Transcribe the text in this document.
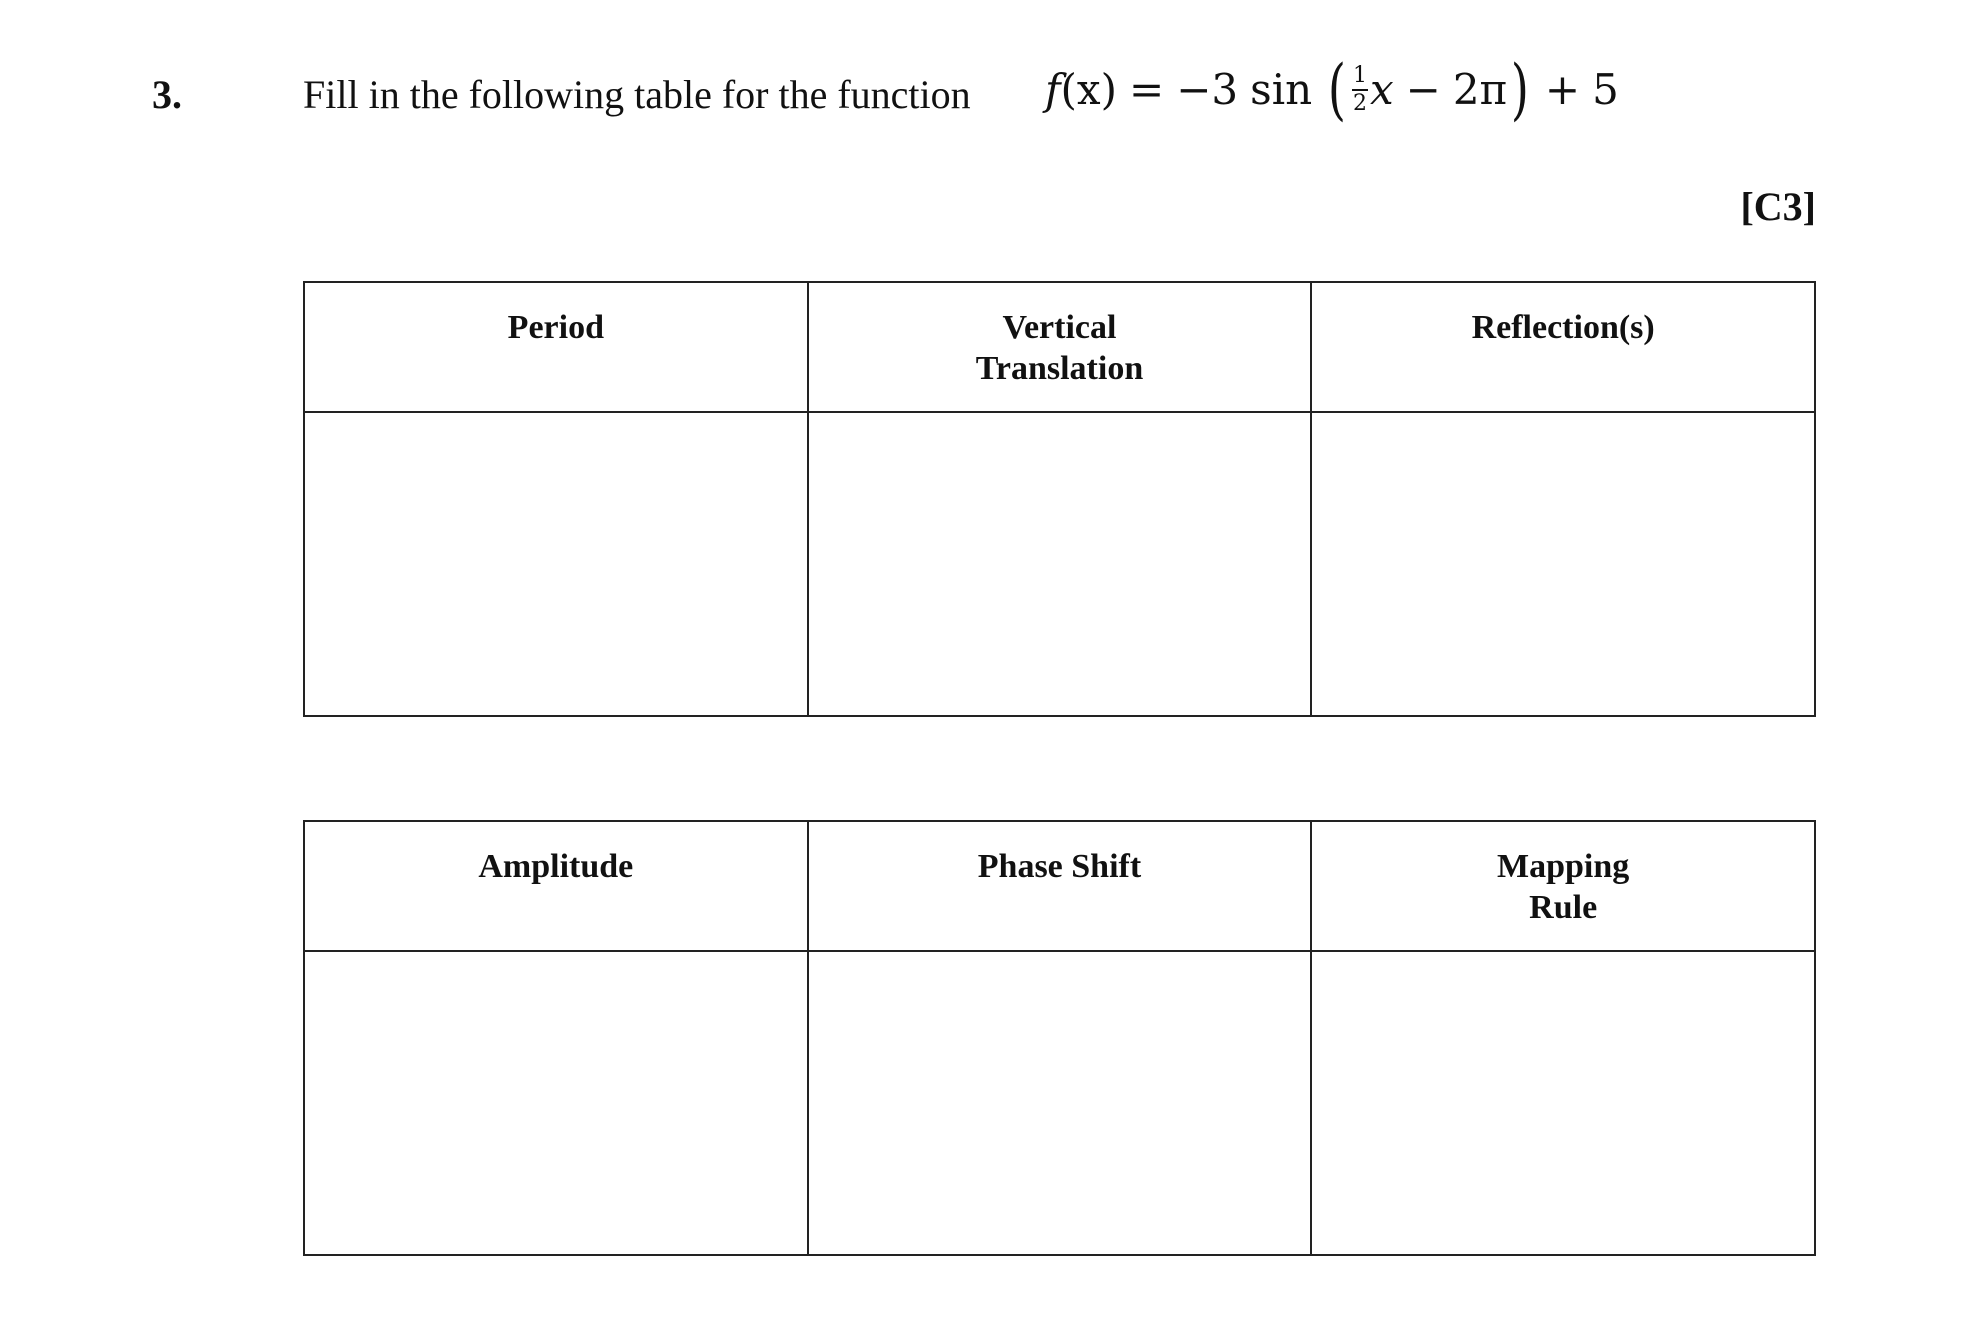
3.	Fill in the following table for the function f (x) = −3 sin ( $\frac{1}{2}$ x − 2π ) + 5
[C3]
Period	Vertical Translation	Reflection(s)

Amplitude	Phase Shift	Mapping Rule
